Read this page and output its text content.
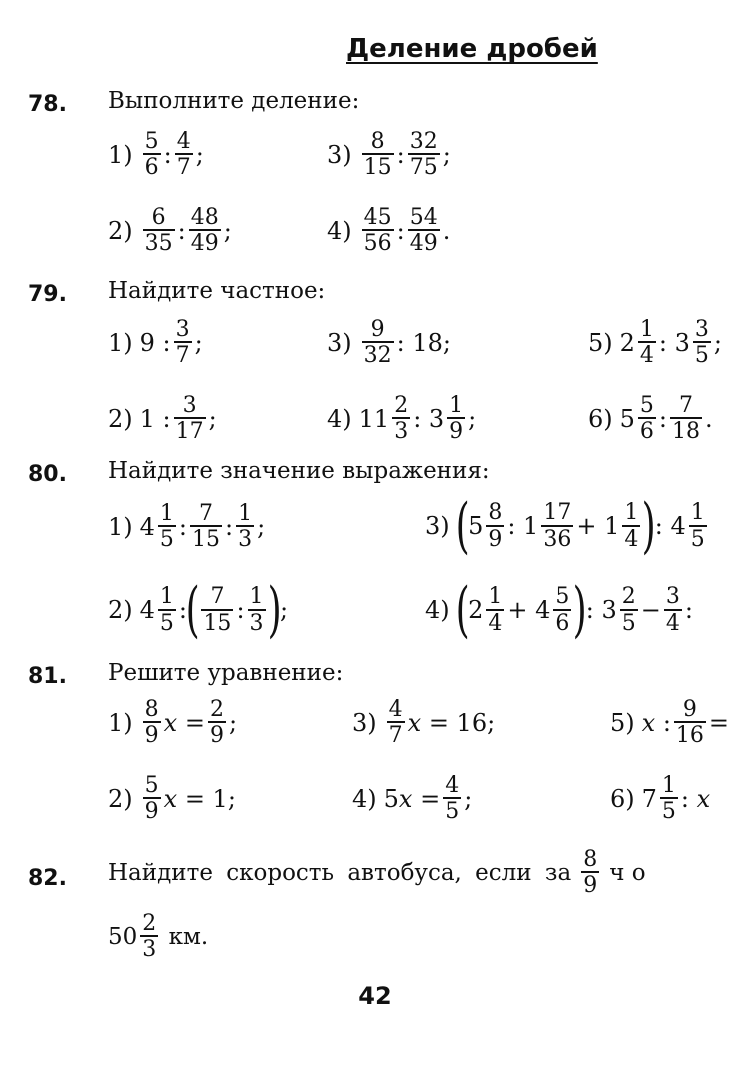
Деление дробей
78. Выполните деление:
1) 5
6 : 4
7 ;	3) 8
15 : 32
75 ;
2) 6
35 : 48
49 ;	4) 45
56 : 54
49 .
79. Найдите частное:
1) 9 : 3
7 ;	3) 9
32 : 18;	5) 2 1
4 : 3 3
5 ;
2) 1 : 3
17 ;	4) 11 2
3 : 3 1
9 ;	6) 5 5
6 : 7
18 .
80. Найдите значение выражения:
1) 4 1
5 : 7
15 : 1
3 ;	3) (
5 8
9 : 1 17
36 + 1 1
4 )
: 4 1
5
2) 4 1
5 :
( 7
15 : 1
3 )
;	4) (
2 1
4 + 4 5
6 )
: 3 2
5 − 3
4 :
81. Решите уравнение:
1) 8
9 x = 2
9 ;	3) 4
7 x = 16;	5) x : 9
16 =
2) 5
9 x = 1;	4) 5 x = 4
5 ;	6) 7 1
5 : x
82. Найдите скорость автобуса, если за
8
9 ч о
50
2
3
км.
42
